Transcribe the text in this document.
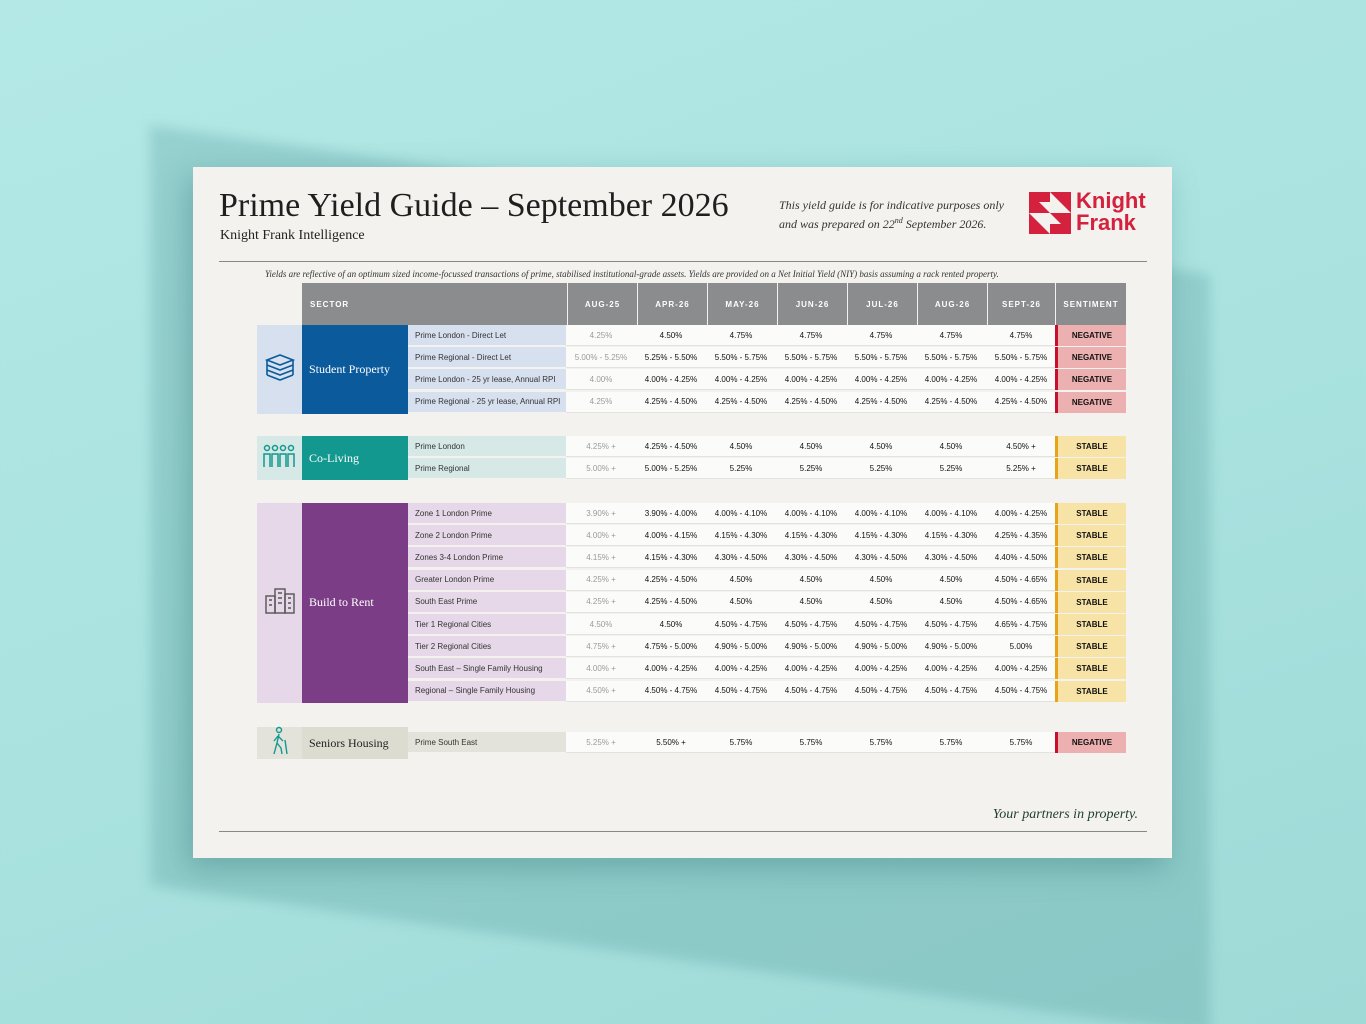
Prime Yield Guide – September 2026
Knight Frank Intelligence
This yield guide is for indicative purposes only
and was prepared on 22nd September 2026.
Knight
Frank
Yields are reflective of an optimum sized income-focussed transactions of prime, stabilised institutional-grade assets. Yields are provided on a Net Initial Yield (NIY) basis assuming a rack rented property.
SECTOR	AUG-25	APR-26	MAY-26	JUN-26	JUL-26	AUG-26	SEPT-26	SENTIMENT
Student Property
Prime London - Direct Let	4.25%	4.50%	4.75%	4.75%	4.75%	4.75%	4.75%	NEGATIVE
Prime Regional - Direct Let	5.00% - 5.25%	5.25% - 5.50%	5.50% - 5.75%	5.50% - 5.75%	5.50% - 5.75%	5.50% - 5.75%	5.50% - 5.75%	NEGATIVE
Prime London - 25 yr lease, Annual RPI	4.00%	4.00% - 4.25%	4.00% - 4.25%	4.00% - 4.25%	4.00% - 4.25%	4.00% - 4.25%	4.00% - 4.25%	NEGATIVE
Prime Regional - 25 yr lease, Annual RPI	4.25%	4.25% - 4.50%	4.25% - 4.50%	4.25% - 4.50%	4.25% - 4.50%	4.25% - 4.50%	4.25% - 4.50%	NEGATIVE
Co-Living
Prime London	4.25% +	4.25% - 4.50%	4.50%	4.50%	4.50%	4.50%	4.50% +	STABLE
Prime Regional	5.00% +	5.00% - 5.25%	5.25%	5.25%	5.25%	5.25%	5.25% +	STABLE
Build to Rent
Zone 1 London Prime	3.90% +	3.90% - 4.00%	4.00% - 4.10%	4.00% - 4.10%	4.00% - 4.10%	4.00% - 4.10%	4.00% - 4.25%	STABLE
Zone 2 London Prime	4.00% +	4.00% - 4.15%	4.15% - 4.30%	4.15% - 4.30%	4.15% - 4.30%	4.15% - 4.30%	4.25% - 4.35%	STABLE
Zones 3-4 London Prime	4.15% +	4.15% - 4.30%	4.30% - 4.50%	4.30% - 4.50%	4.30% - 4.50%	4.30% - 4.50%	4.40% - 4.50%	STABLE
Greater London Prime	4.25% +	4.25% - 4.50%	4.50%	4.50%	4.50%	4.50%	4.50% - 4.65%	STABLE
South East Prime	4.25% +	4.25% - 4.50%	4.50%	4.50%	4.50%	4.50%	4.50% - 4.65%	STABLE
Tier 1 Regional Cities	4.50%	4.50%	4.50% - 4.75%	4.50% - 4.75%	4.50% - 4.75%	4.50% - 4.75%	4.65% - 4.75%	STABLE
Tier 2 Regional Cities	4.75% +	4.75% - 5.00%	4.90% - 5.00%	4.90% - 5.00%	4.90% - 5.00%	4.90% - 5.00%	5.00%	STABLE
South East – Single Family Housing	4.00% +	4.00% - 4.25%	4.00% - 4.25%	4.00% - 4.25%	4.00% - 4.25%	4.00% - 4.25%	4.00% - 4.25%	STABLE
Regional – Single Family Housing	4.50% +	4.50% - 4.75%	4.50% - 4.75%	4.50% - 4.75%	4.50% - 4.75%	4.50% - 4.75%	4.50% - 4.75%	STABLE
Seniors Housing	Prime South East	5.25% +	5.50% +	5.75%	5.75%	5.75%	5.75%	5.75%	NEGATIVE
Your partners in property.
